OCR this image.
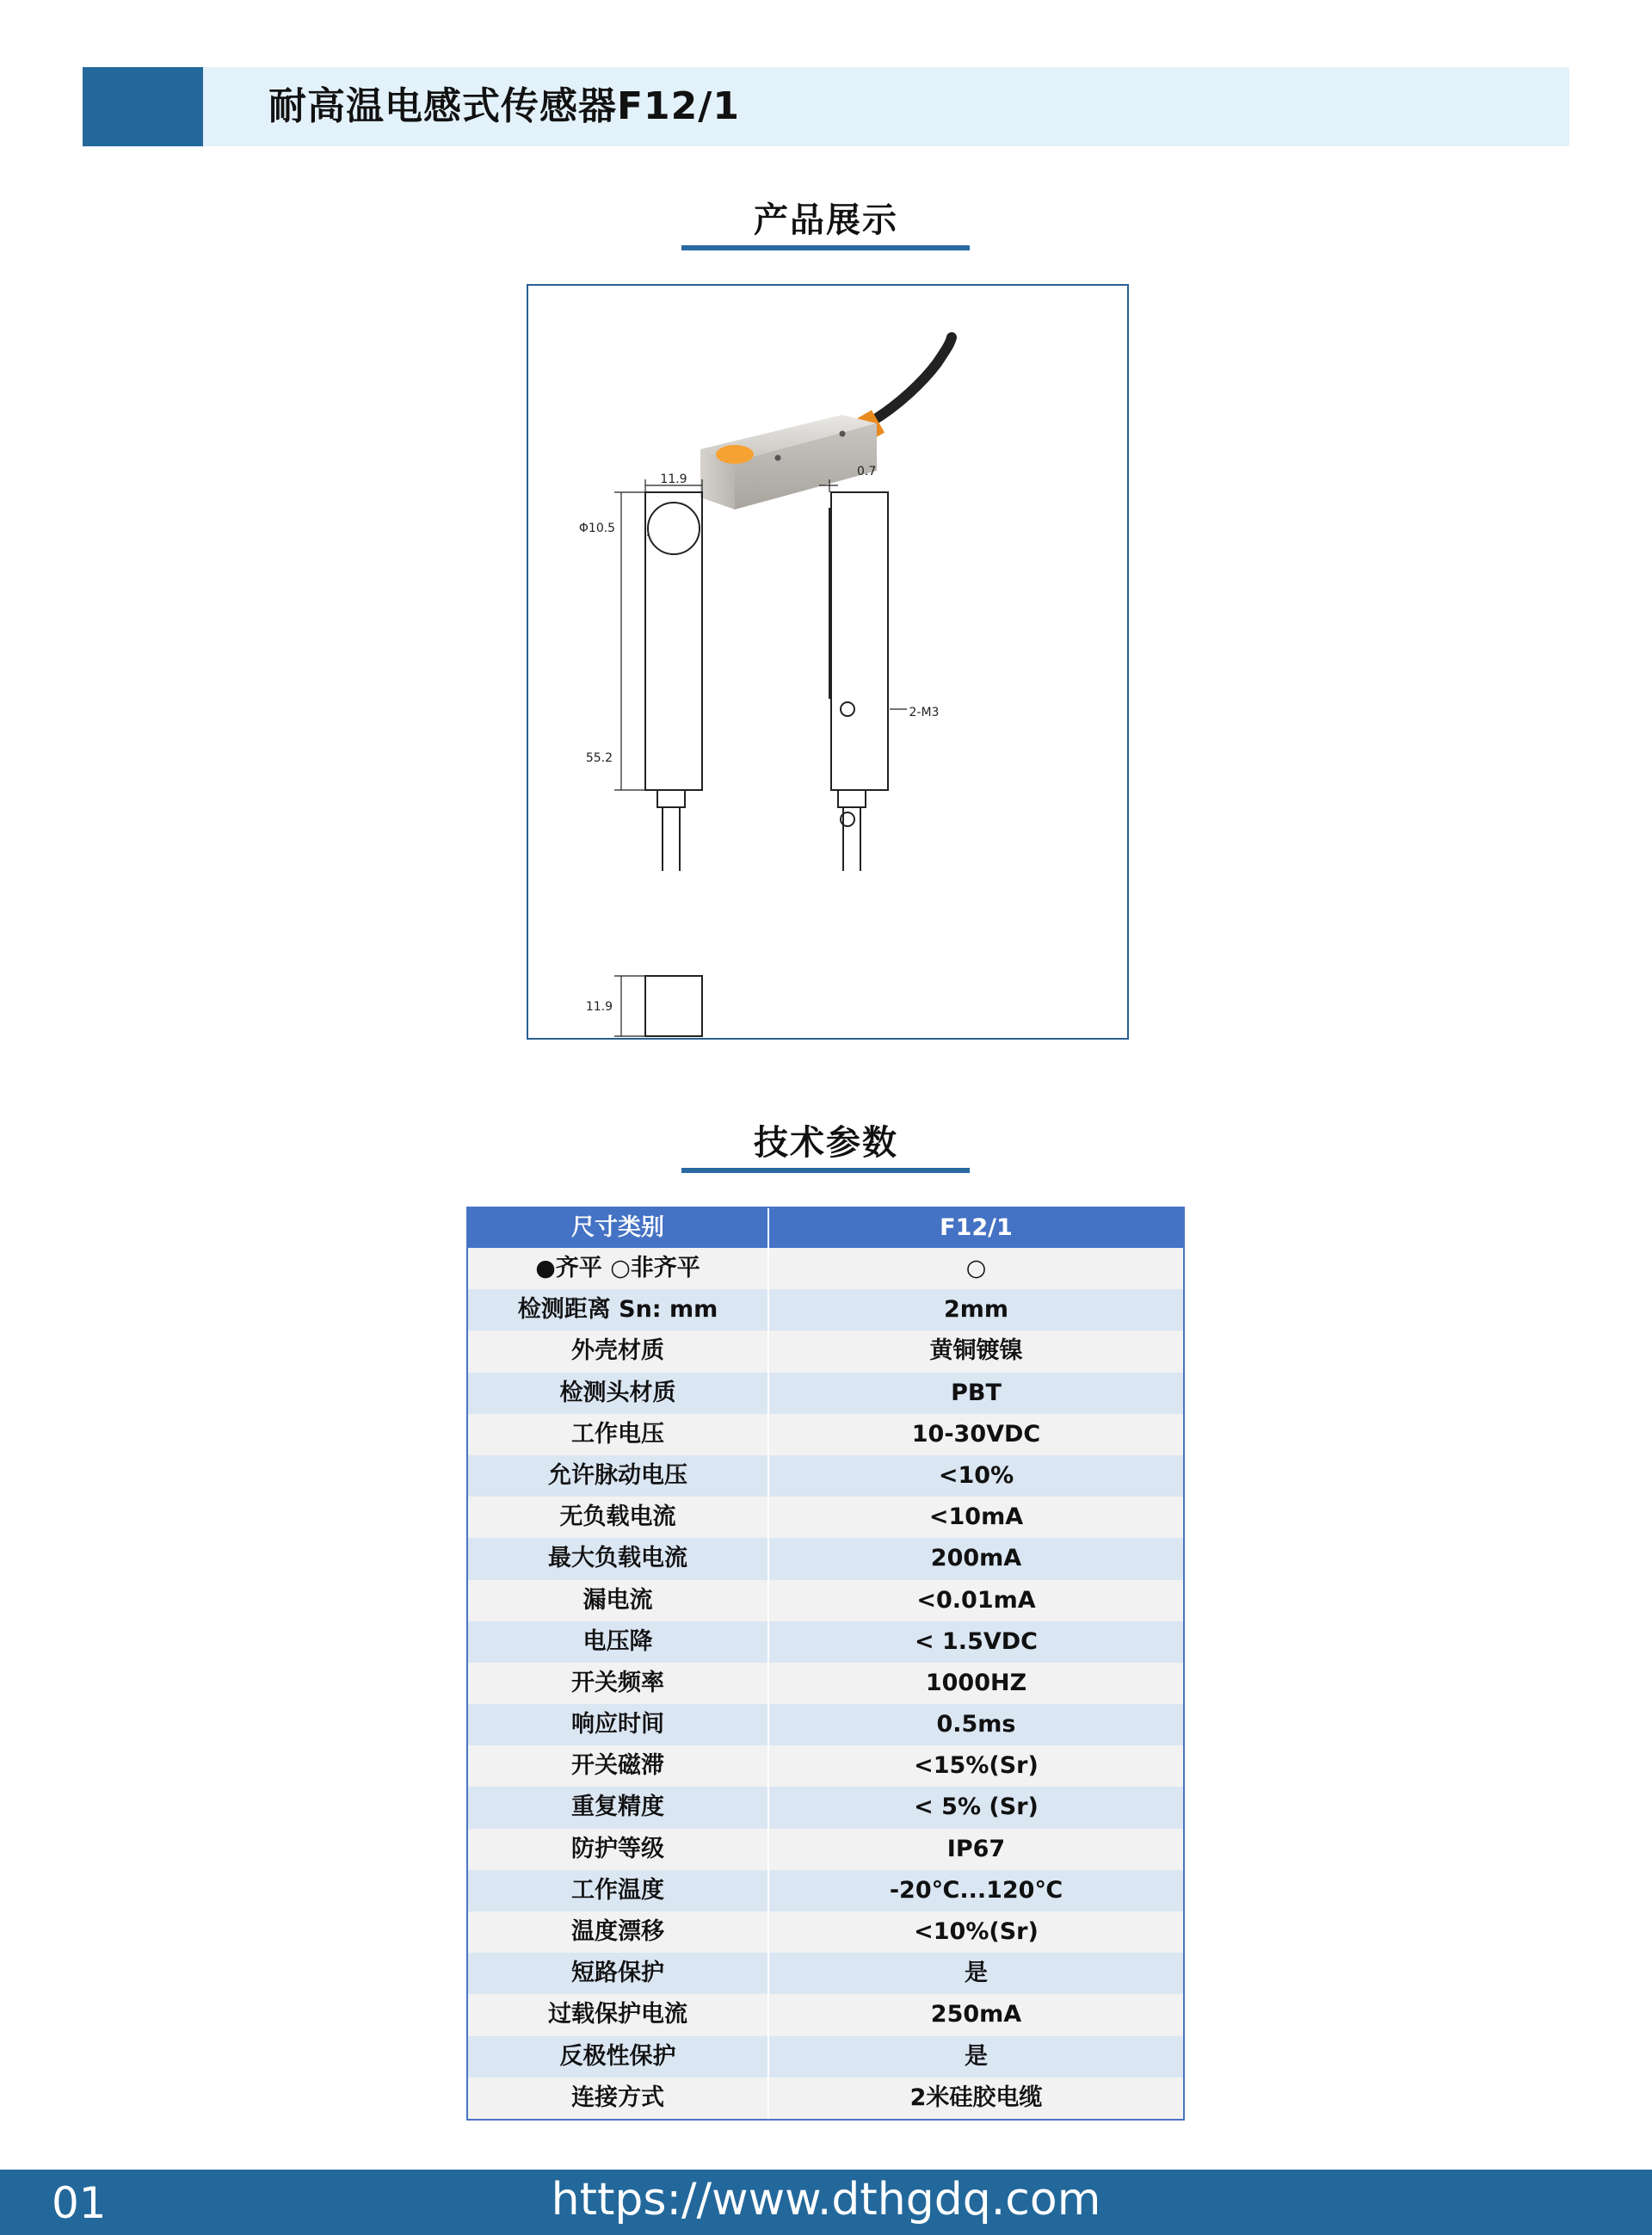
耐高温电感式传感器F12/1
产品展示
11.9
0.7
Φ10.5
55.2
2-M3
11.9
技术参数
尺寸类别	F12/1
●齐平 ○非齐平	○
检测距离 Sn: mm	2mm
外壳材质	黄铜镀镍
检测头材质	PBT
工作电压	10-30VDC
允许脉动电压	<10%
无负载电流	<10mA
最大负载电流	200mA
漏电流	<0.01mA
电压降	< 1.5VDC
开关频率	1000HZ
响应时间	0.5ms
开关磁滞	<15%(Sr)
重复精度	< 5% (Sr)
防护等级	IP67
工作温度	-20℃...120℃
温度漂移	<10%(Sr)
短路保护	是
过载保护电流	250mA
反极性保护	是
连接方式	2米硅胶电缆
01	https://www.dthgdq.com
